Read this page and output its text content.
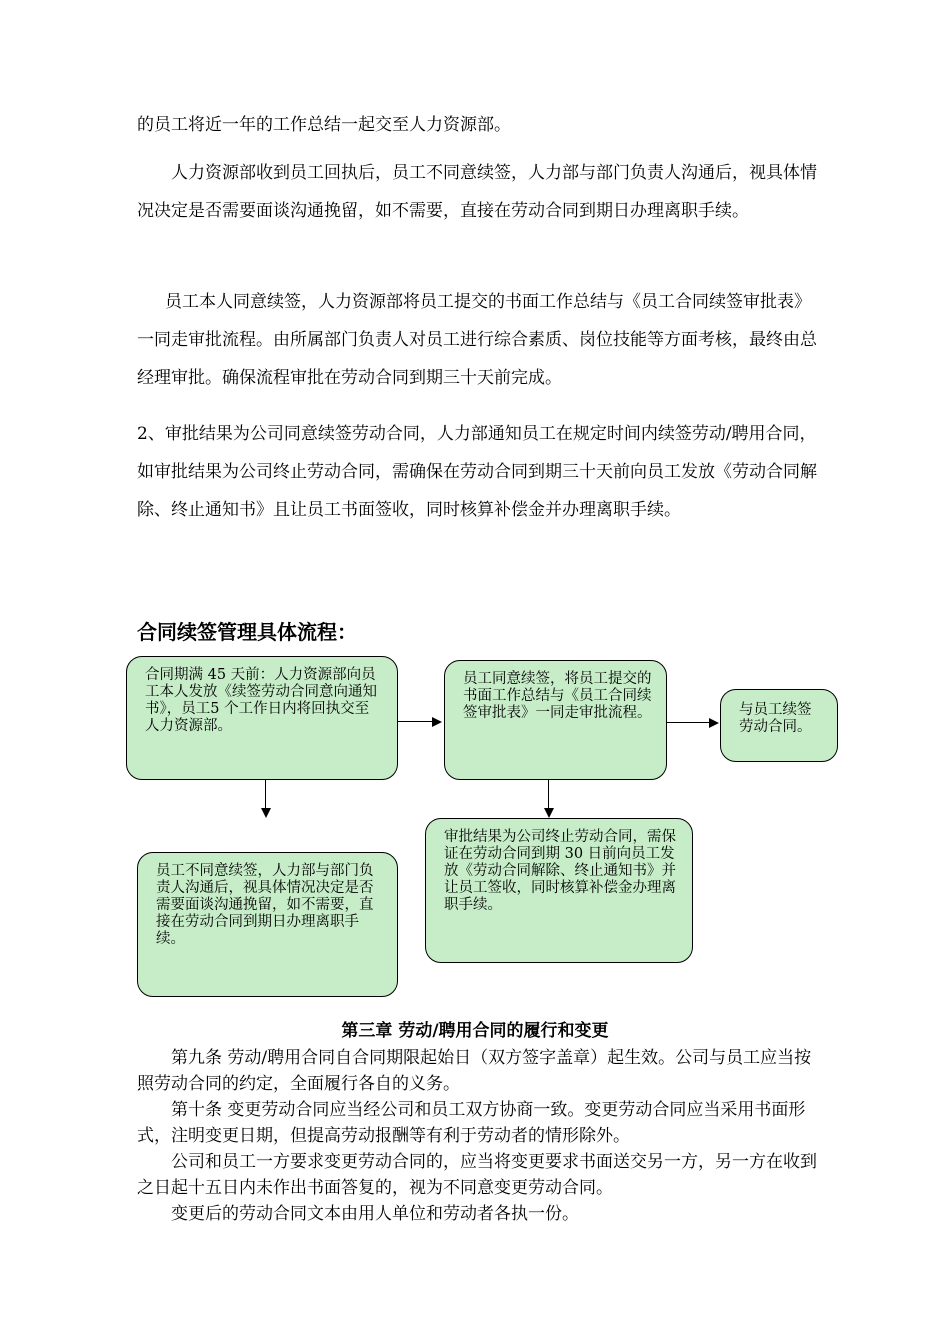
的员工将近一年的工作总结一起交至人力资源部。

人力资源部收到员工回执后，员工不同意续签，人力部与部门负责人沟通后，视具体情况决定是否需要面谈沟通挽留，如不需要，直接在劳动合同到期日办理离职手续。

员工本人同意续签，人力资源部将员工提交的书面工作总结与《员工合同续签审批表》一同走审批流程。由所属部门负责人对员工进行综合素质、岗位技能等方面考核，最终由总经理审批。确保流程审批在劳动合同到期三十天前完成。

2、审批结果为公司同意续签劳动合同，人力部通知员工在规定时间内续签劳动/聘用合同，如审批结果为公司终止劳动合同，需确保在劳动合同到期三十天前向员工发放《劳动合同解除、终止通知书》且让员工书面签收，同时核算补偿金并办理离职手续。

合同续签管理具体流程：
合同期满 45 天前：人力资源部向员工本人发放《续签劳动合同意向通知书》，员工5 个工作日内将回执交至人力资源部。
员工同意续签，将员工提交的书面工作总结与《员工合同续签审批表》一同走审批流程。	与员工续签劳动合同。
员工不同意续签，人力部与部门负责人沟通后，视具体情况决定是否需要面谈沟通挽留，如不需要，直接在劳动合同到期日办理离职手续。
审批结果为公司终止劳动合同，需保证在劳动合同到期 30 日前向员工发放《劳动合同解除、终止通知书》并让员工签收，同时核算补偿金办理离职手续。
第三章 劳动/聘用合同的履行和变更

第九条 劳动/聘用合同自合同期限起始日（双方签字盖章）起生效。公司与员工应当按照劳动合同的约定，全面履行各自的义务。

第十条 变更劳动合同应当经公司和员工双方协商一致。变更劳动合同应当采用书面形式，注明变更日期，但提高劳动报酬等有利于劳动者的情形除外。

公司和员工一方要求变更劳动合同的，应当将变更要求书面送交另一方，另一方在收到之日起十五日内未作出书面答复的，视为不同意变更劳动合同。

变更后的劳动合同文本由用人单位和劳动者各执一份。
